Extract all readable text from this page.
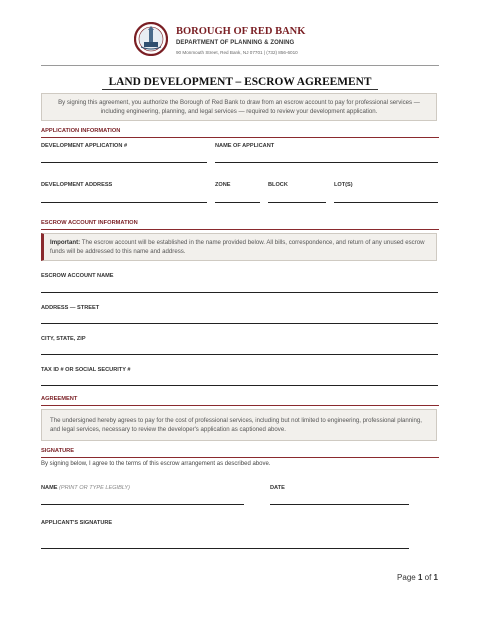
BOROUGH OF RED BANK
DEPARTMENT OF PLANNING & ZONING
90 Monmouth Street, Red Bank, NJ 07701 | (732) 856-6010
LAND DEVELOPMENT – ESCROW AGREEMENT
By signing this agreement, you authorize the Borough of Red Bank to draw from an escrow account to pay for professional services — including engineering, planning, and legal services — required to review your development application.
APPLICATION INFORMATION
DEVELOPMENT APPLICATION #	NAME OF APPLICANT
DEVELOPMENT ADDRESS	ZONE	BLOCK	LOT(S)
ESCROW ACCOUNT INFORMATION
Important: The escrow account will be established in the name provided below. All bills, correspondence, and return of any unused escrow funds will be addressed to this name and address.
ESCROW ACCOUNT NAME
ADDRESS — STREET
CITY, STATE, ZIP
TAX ID # OR SOCIAL SECURITY #
AGREEMENT
The undersigned hereby agrees to pay for the cost of professional services, including but not limited to engineering, professional planning, and legal services, necessary to review the developer's application as captioned above.
SIGNATURE
By signing below, I agree to the terms of this escrow arrangement as described above.
NAME (PRINT OR TYPE LEGIBLY)	DATE
APPLICANT'S SIGNATURE
Page 1 of 1
